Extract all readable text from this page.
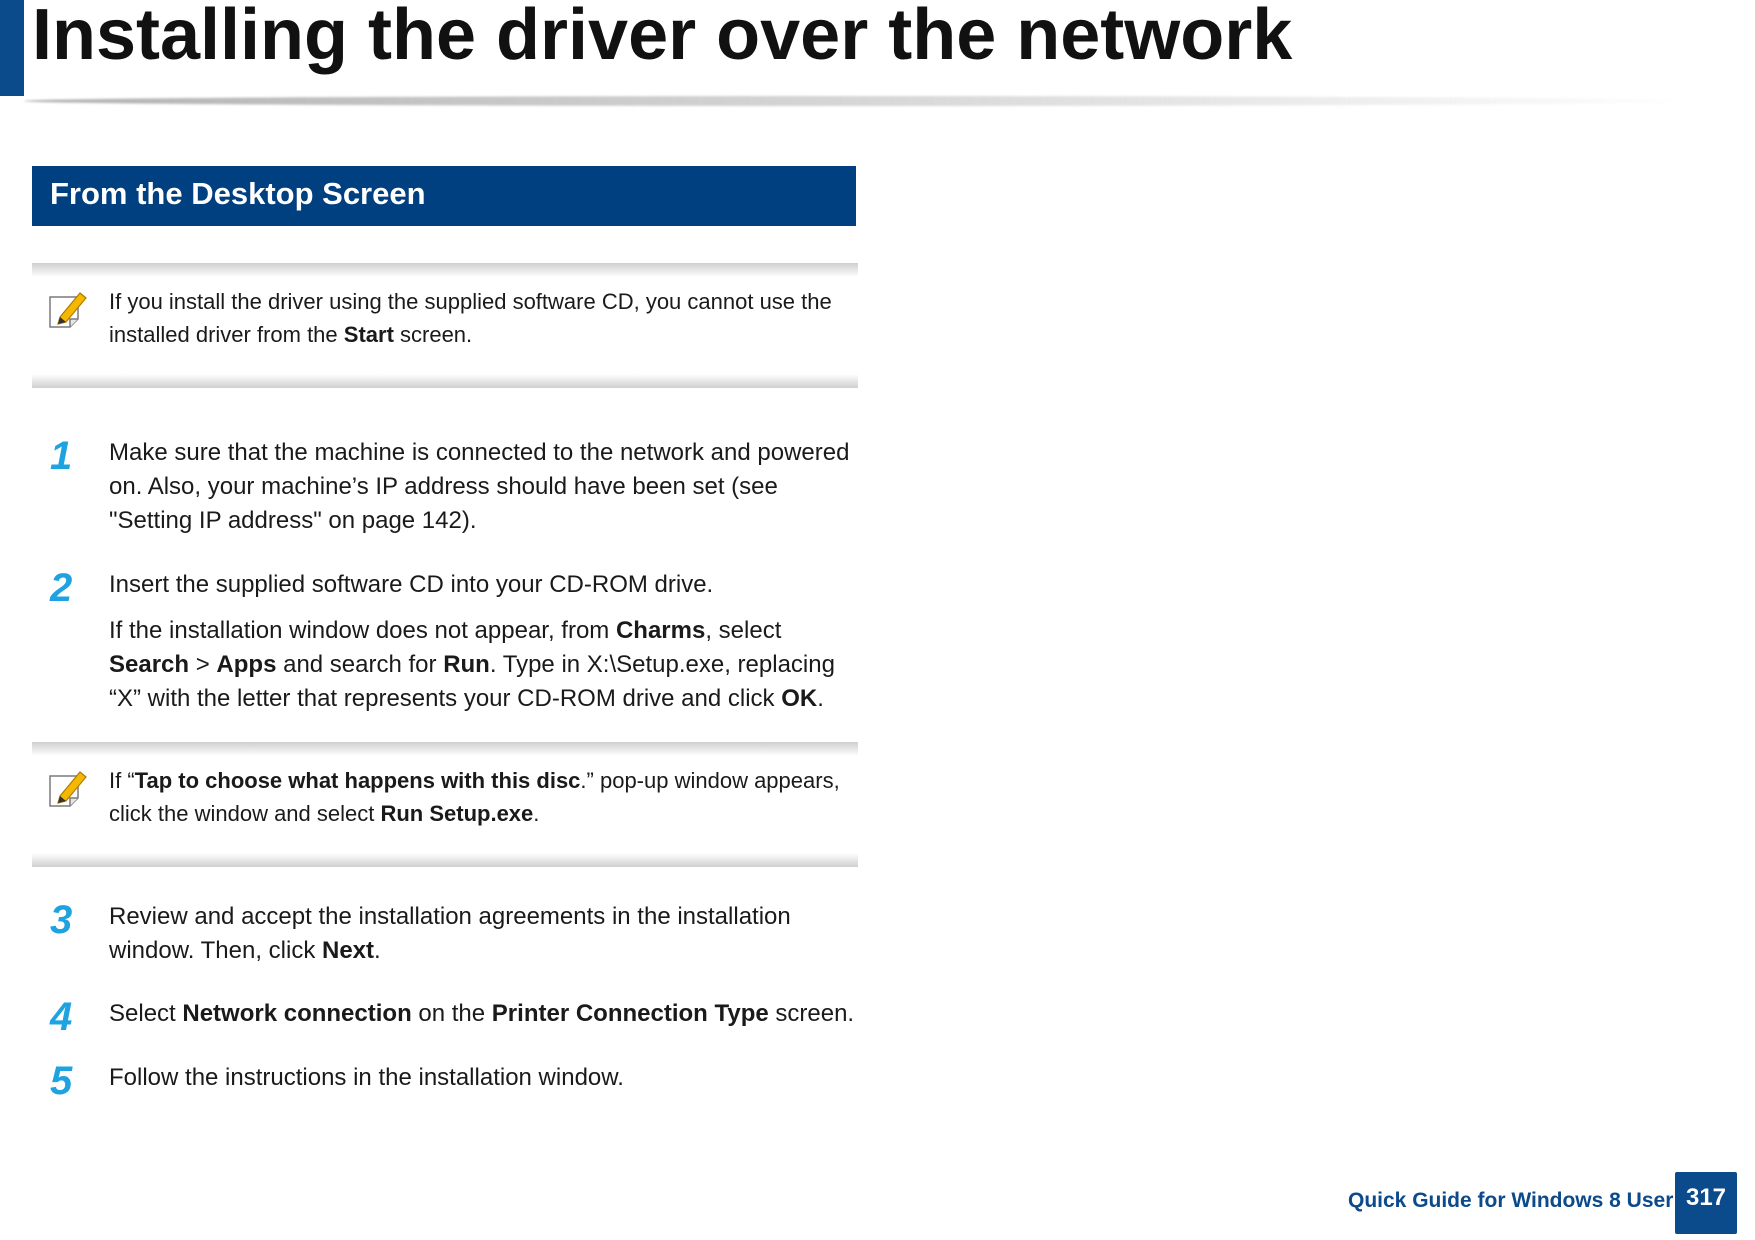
Installing the driver over the network
From the Desktop Screen
If you install the driver using the supplied software CD, you cannot use the installed driver from the Start screen.
1 Make sure that the machine is connected to the network and powered on. Also, your machine’s IP address should have been set (see "Setting IP address" on page 142).
2 Insert the supplied software CD into your CD-ROM drive.
If the installation window does not appear, from Charms, select Search > Apps and search for Run. Type in X:\Setup.exe, replacing “X” with the letter that represents your CD-ROM drive and click OK.
If “Tap to choose what happens with this disc.” pop-up window appears, click the window and select Run Setup.exe.
3 Review and accept the installation agreements in the installation window. Then, click Next.
4 Select Network connection on the Printer Connection Type screen.
5 Follow the instructions in the installation window.
Quick Guide for Windows 8 User 317
